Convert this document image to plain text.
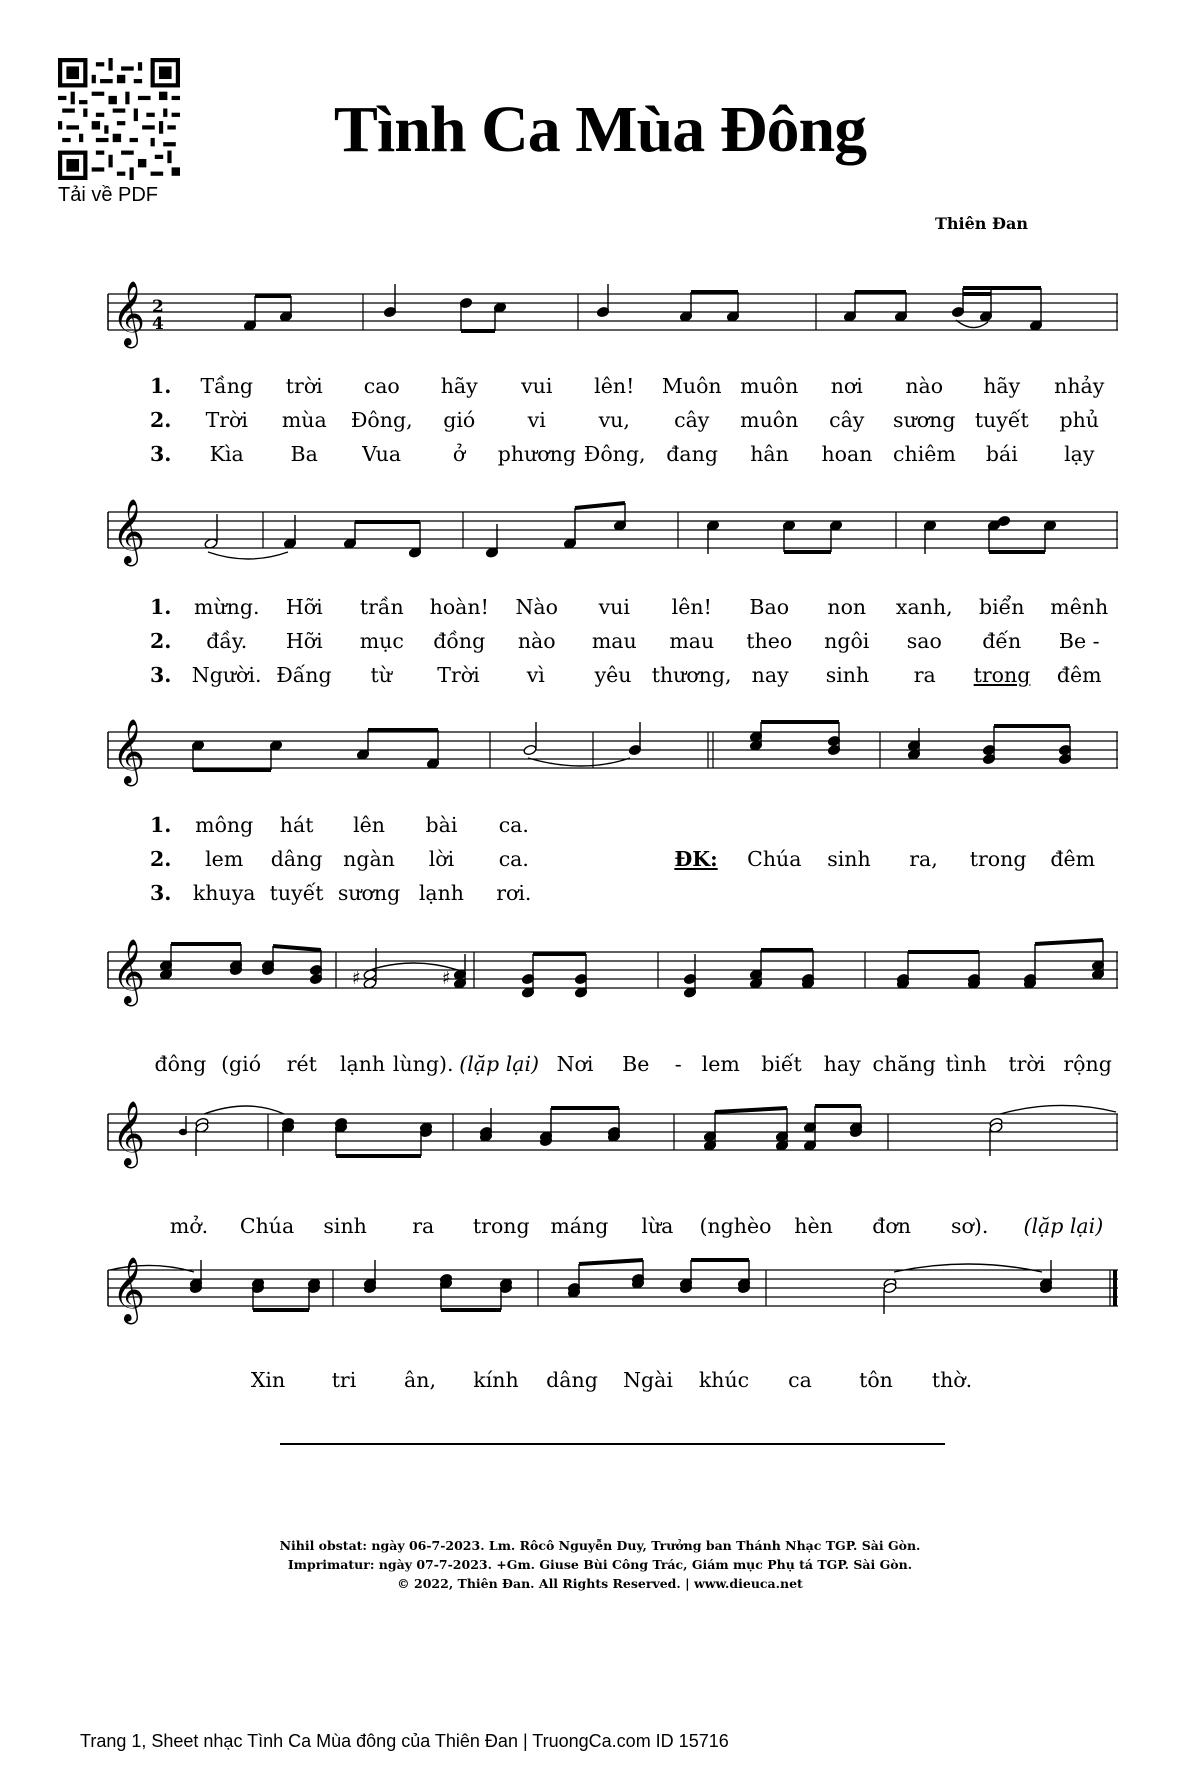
Tải về PDF
Tình Ca Mùa Đông
Thiên Đan
𝄞 2
4
1.	Tầng	trời	cao	hãy	vui	lên!	Muôn muôn	nơi	nào	hãy	nhảy
2.	Trời	mùa	Đông,	gió	vi	vu,	cây	muôn	cây	sương tuyết	phủ
3.	Kìa	Ba	Vua	ở	phương Đông,	đang	hân	hoan	chiêm	bái	lạy
𝄞
1.	mừng.	Hỡi	trần	hoàn!	Nào	vui	lên!	Bao	non	xanh,	biển	mênh
2.	đầy.	Hỡi	mục	đồng	nào	mau	mau	theo	ngôi	sao	đến	Be -
3. Người. Đấng	từ	Trời	vì	yêu thương, nay	sinh	ra	trong	đêm
𝄞
1.	mông	hát	lên	bài	ca.
2.	lem	dâng	ngàn	lời	ca.	ĐK:	Chúa	sinh	ra,	trong	đêm
3.	khuya tuyết sương lạnh	rơi.
𝄞	♯	♯
đông (gió	rét	lạnh lùng). (lặp lại) Nơi	Be	- lem	biết	hay chăng tình	trời rộng
𝄞
mở.	Chúa	sinh	ra	trong	máng	lừa	(nghèo	hèn	đơn	sơ).	(lặp lại)
𝄞
Xin	tri	ân,	kính	dâng	Ngài	khúc	ca	tôn	thờ.
Nihil obstat: ngày 06-7-2023. Lm. Rôcô Nguyễn Duy, Trưởng ban Thánh Nhạc TGP. Sài Gòn.
Imprimatur: ngày 07-7-2023. +Gm. Giuse Bùi Công Trác, Giám mục Phụ tá TGP. Sài Gòn.
© 2022, Thiên Đan. All Rights Reserved. | www.dieuca.net
Trang 1, Sheet nhạc Tình Ca Mùa đông của Thiên Đan | TruongCa.com ID 15716
